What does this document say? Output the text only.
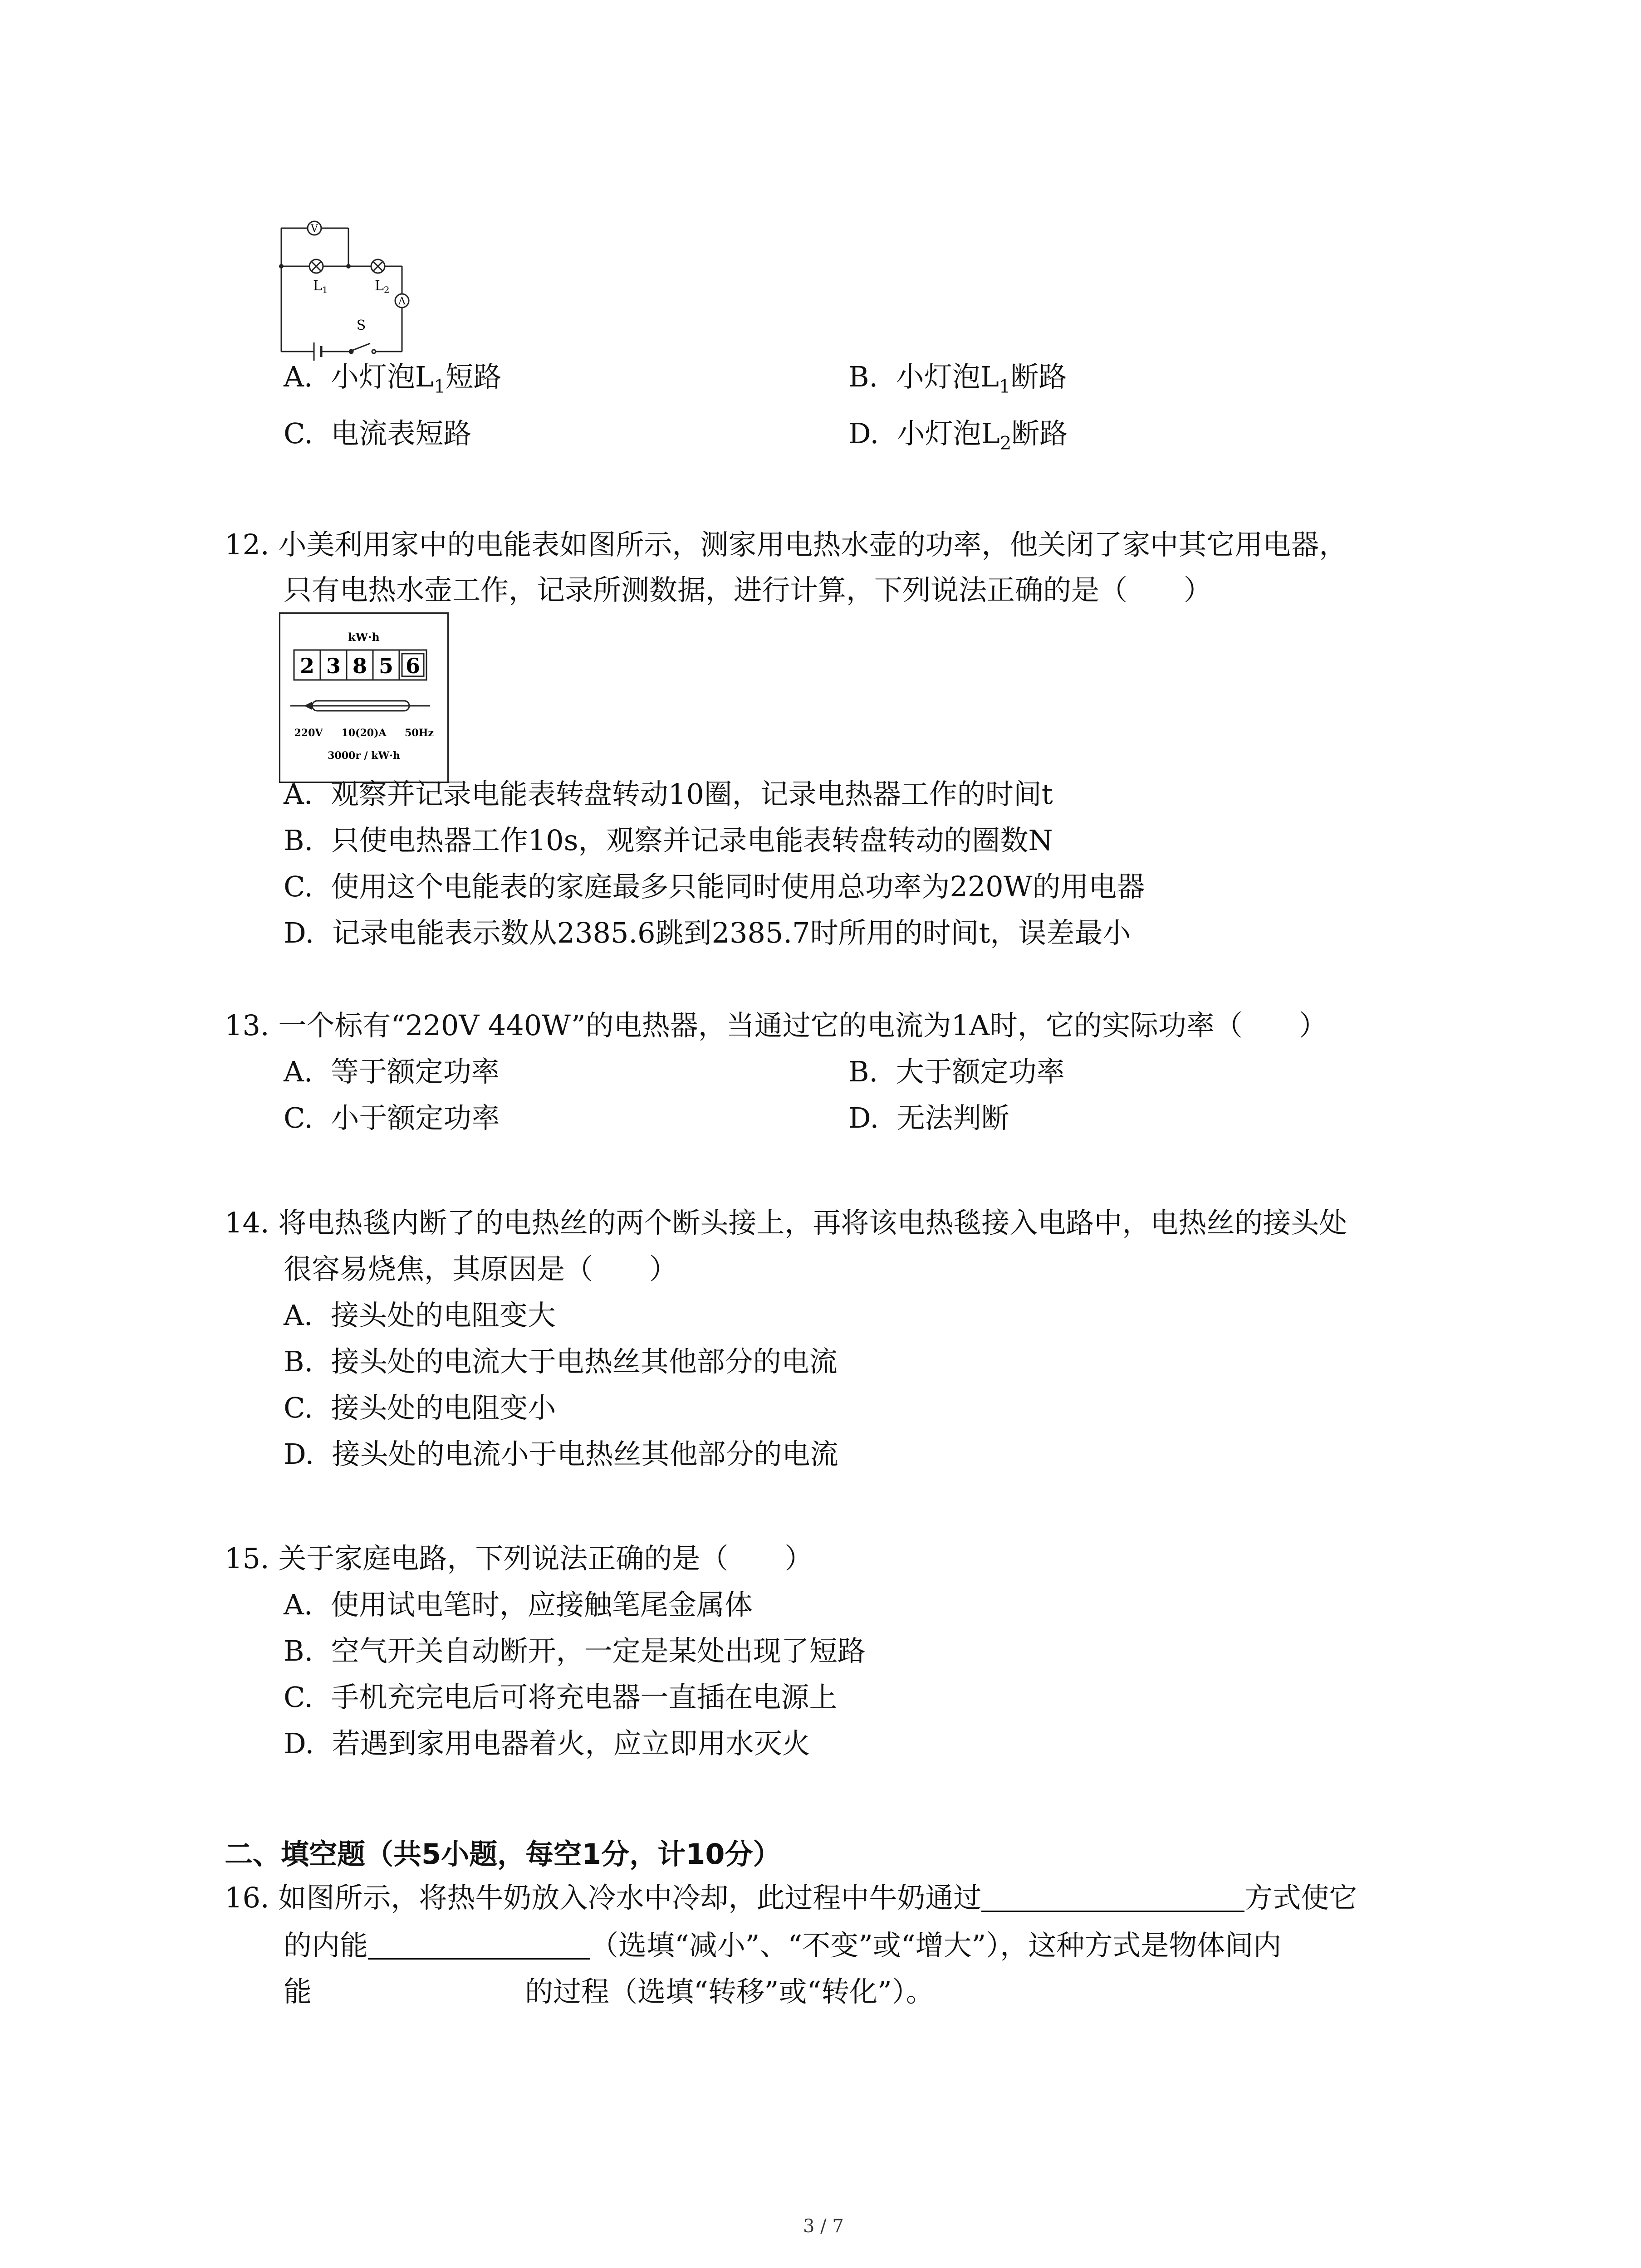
V
A
$L_1$	$L_2$
S
A. 小灯泡$L_1$短路	B. 小灯泡$L_1$断路
C. 电流表短路	D. 小灯泡$L_2$断路
12. 小美利用家中的电能表如图所示，测家用电热水壶的功率，他关闭了家中其它用电器，
只有电热水壶工作，记录所测数据，进行计算，下列说法正确的是（　　）
kW·h
2 3 8 5 6
220V 10(20)A 50Hz
3000r / kW·h
A. 观察并记录电能表转盘转动10圈，记录电热器工作的时间t
B. 只使电热器工作10s，观察并记录电能表转盘转动的圈数N
C. 使用这个电能表的家庭最多只能同时使用总功率为220W的用电器
D. 记录电能表示数从2385.6跳到2385.7时所用的时间t，误差最小
13. 一个标有“220V 440W”的电热器，当通过它的电流为1A时，它的实际功率（　　）
A. 等于额定功率	B. 大于额定功率
C. 小于额定功率	D. 无法判断
14. 将电热毯内断了的电热丝的两个断头接上，再将该电热毯接入电路中，电热丝的接头处
很容易烧焦，其原因是（　　）
A. 接头处的电阻变大
B. 接头处的电流大于电热丝其他部分的电流
C. 接头处的电阻变小
D. 接头处的电流小于电热丝其他部分的电流
15. 关于家庭电路，下列说法正确的是（　　）
A. 使用试电笔时，应接触笔尾金属体
B. 空气开关自动断开，一定是某处出现了短路
C. 手机充完电后可将充电器一直插在电源上
D. 若遇到家用电器着火，应立即用水灭火
二、填空题（共5小题，每空1分，计10分）
16. 如图所示，将热牛奶放入冷水中冷却，此过程中牛奶通过	方式使它
的内能	（选填“减小”、“不变”或“增大”），这种方式是物体间内
能	的过程（选填“转移”或“转化”）。
3 / 7
